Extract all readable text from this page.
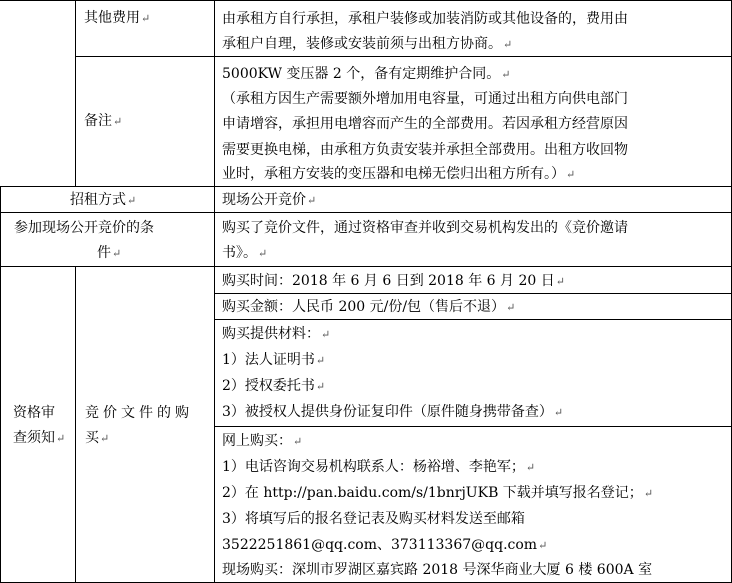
其他费用↵	由承租方自行承担，承租户装修或加装消防或其他设备的，费用由
承租户自理，装修或安装前须与出租方协商。↵
备注↵
5000KW 变压器 2 个，备有定期维护合同。↵
（承租方因生产需要额外增加用电容量，可通过出租方向供电部门
申请增容，承担用电增容而产生的全部费用。若因承租方经营原因
需要更换电梯，由承租方负责安装并承担全部费用。出租方收回物
业时，承租方安装的变压器和电梯无偿归出租方所有。）↵
招租方式↵	现场公开竞价↵
参加现场公开竞价的条
件↵
购买了竞价文件，通过资格审查并收到交易机构发出的《竞价邀请
书》。↵
资格审
查须知↵
竞价文件的购
买↵
购买时间：2018 年 6 月 6 日到 2018 年 6 月 20 日↵
购买金额：人民币 200 元/份/包（售后不退）↵
购买提供材料：↵
1）法人证明书↵
2）授权委托书↵
3）被授权人提供身份证复印件（原件随身携带备查）↵
网上购买：↵
1）电话咨询交易机构联系人：杨裕增、李艳军；↵
2）在 http://pan.baidu.com/s/1bnrjUKB 下载并填写报名登记；↵
3）将填写后的报名登记表及购买材料发送至邮箱
3522251861@qq.com、373113367@qq.com↵
现场购买：深圳市罗湖区嘉宾路 2018 号深华商业大厦 6 楼 600A 室
